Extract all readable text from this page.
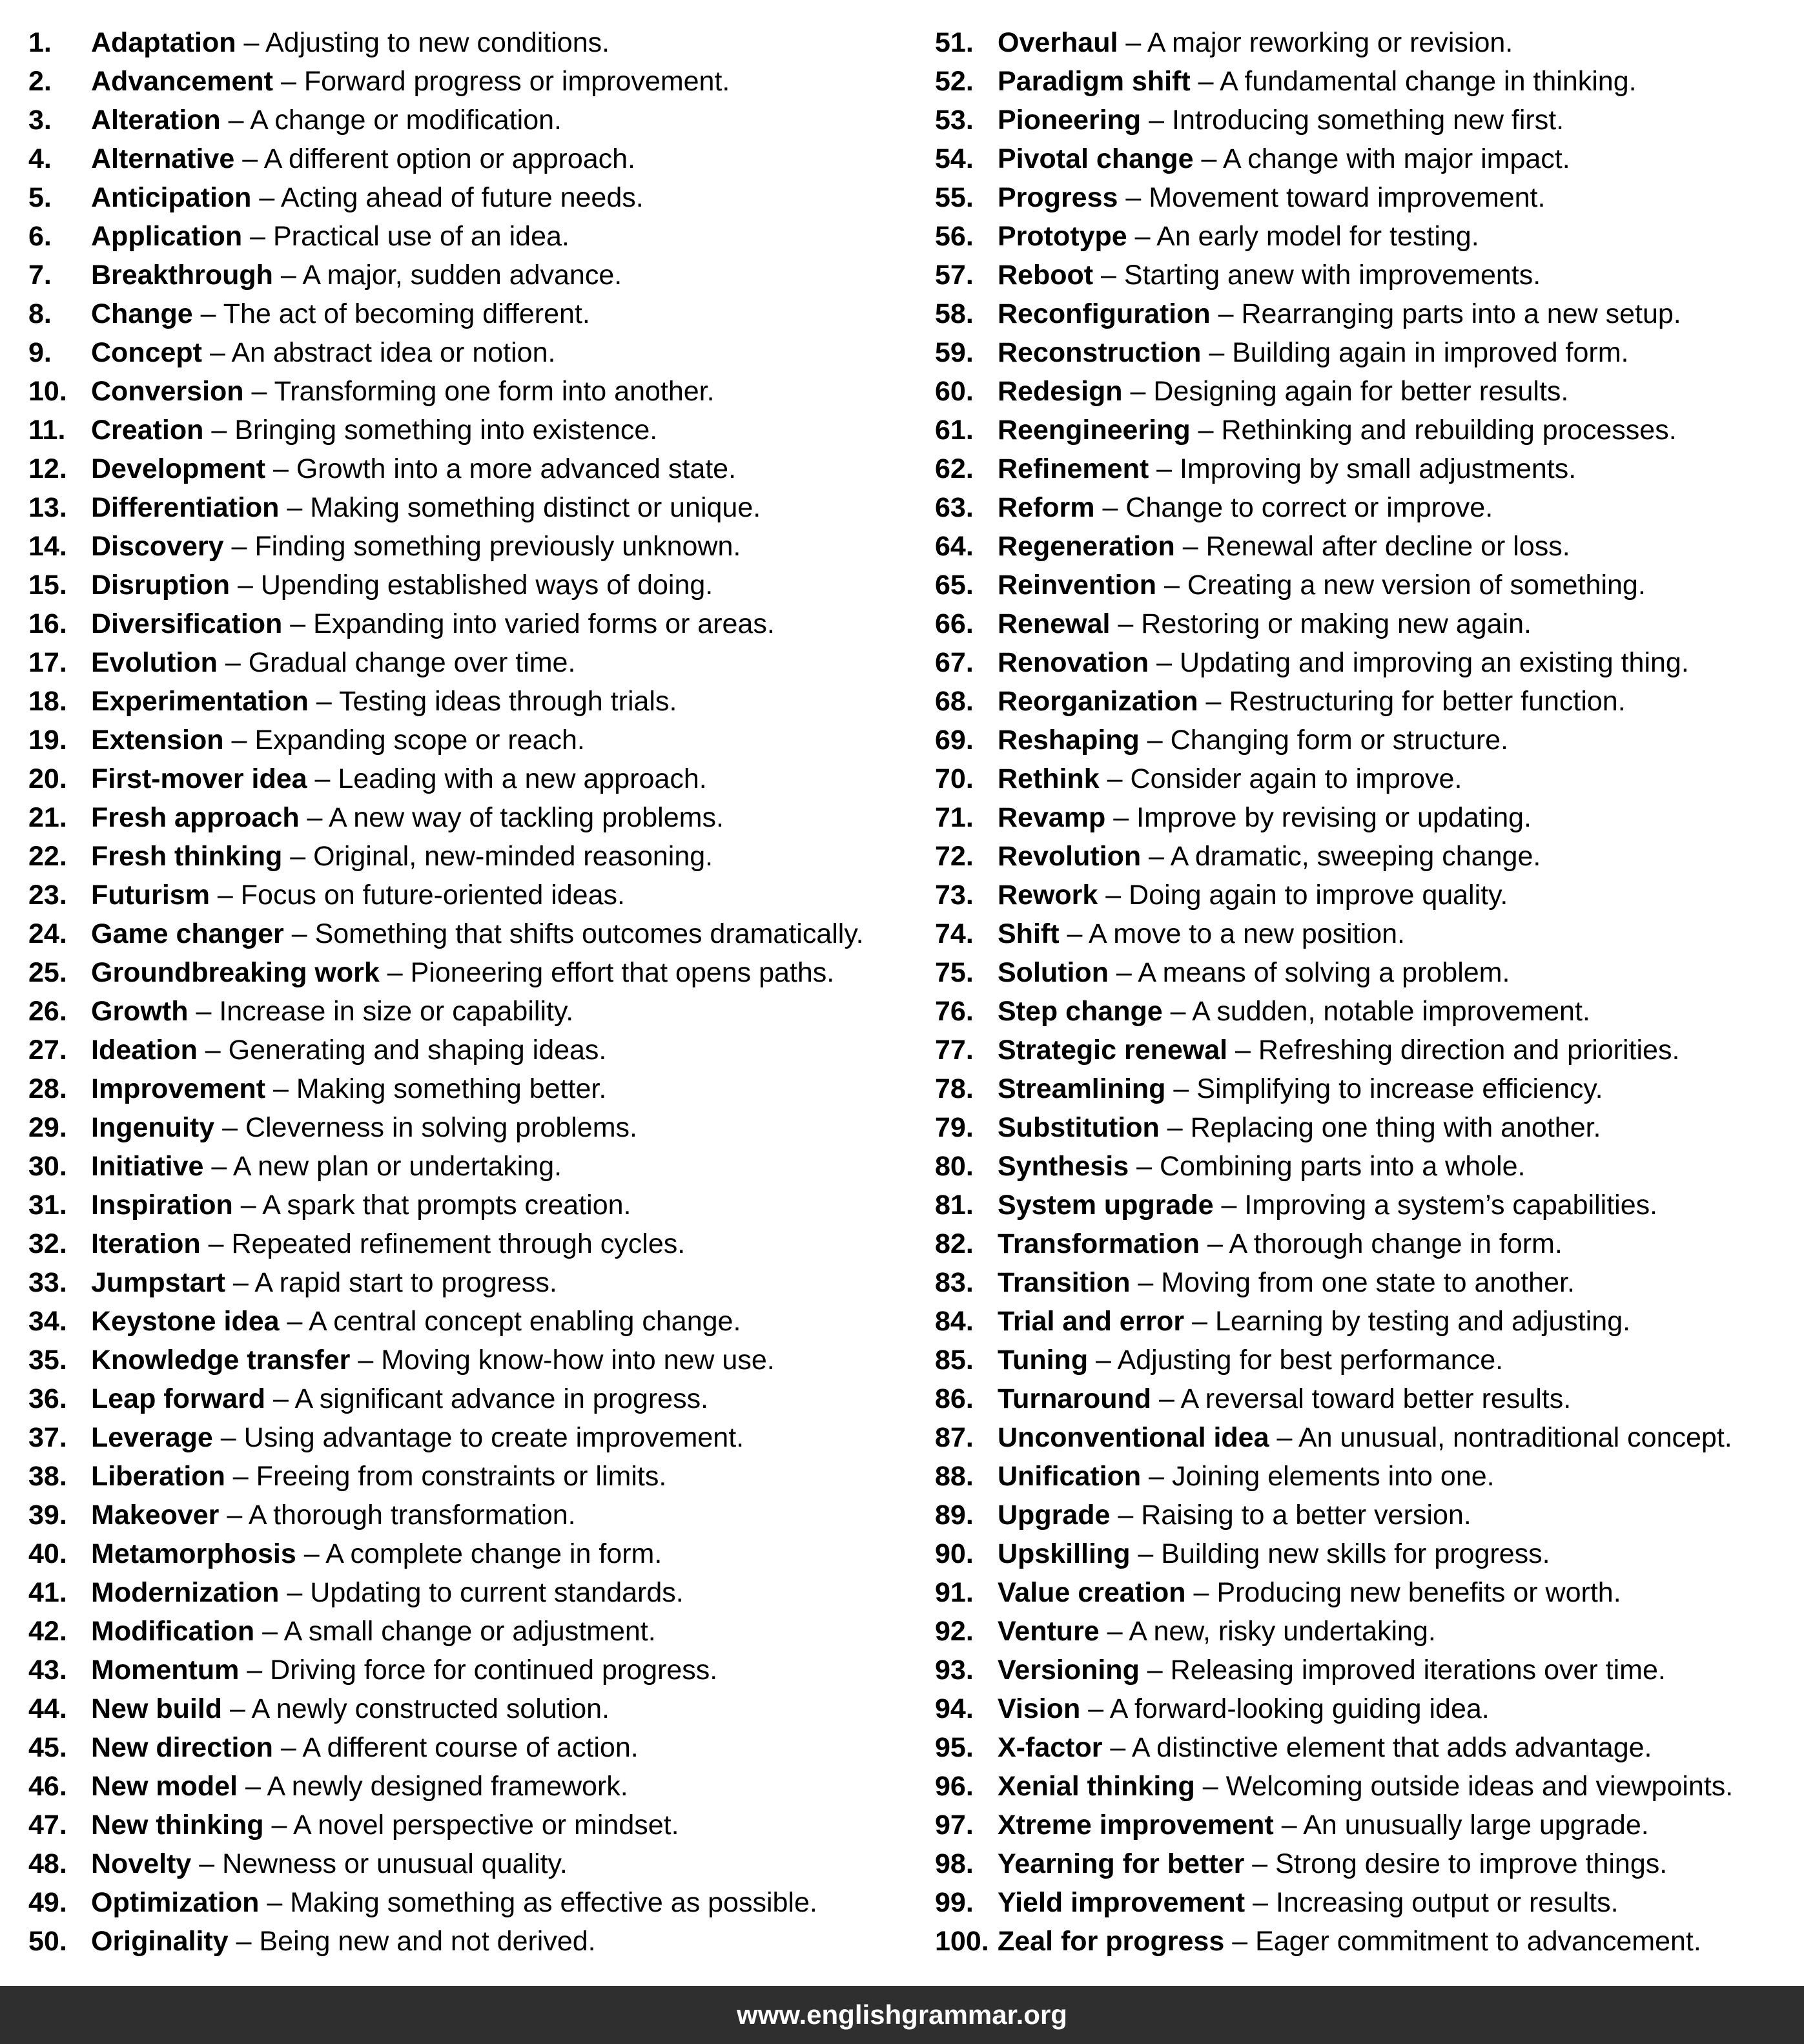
1. Adaptation – Adjusting to new conditions.
2. Advancement – Forward progress or improvement.
3. Alteration – A change or modification.
4. Alternative – A different option or approach.
5. Anticipation – Acting ahead of future needs.
6. Application – Practical use of an idea.
7. Breakthrough – A major, sudden advance.
8. Change – The act of becoming different.
9. Concept – An abstract idea or notion.
10. Conversion – Transforming one form into another.
11. Creation – Bringing something into existence.
12. Development – Growth into a more advanced state.
13. Differentiation – Making something distinct or unique.
14. Discovery – Finding something previously unknown.
15. Disruption – Upending established ways of doing.
16. Diversification – Expanding into varied forms or areas.
17. Evolution – Gradual change over time.
18. Experimentation – Testing ideas through trials.
19. Extension – Expanding scope or reach.
20. First-mover idea – Leading with a new approach.
21. Fresh approach – A new way of tackling problems.
22. Fresh thinking – Original, new-minded reasoning.
23. Futurism – Focus on future-oriented ideas.
24. Game changer – Something that shifts outcomes dramatically.
25. Groundbreaking work – Pioneering effort that opens paths.
26. Growth – Increase in size or capability.
27. Ideation – Generating and shaping ideas.
28. Improvement – Making something better.
29. Ingenuity – Cleverness in solving problems.
30. Initiative – A new plan or undertaking.
31. Inspiration – A spark that prompts creation.
32. Iteration – Repeated refinement through cycles.
33. Jumpstart – A rapid start to progress.
34. Keystone idea – A central concept enabling change.
35. Knowledge transfer – Moving know-how into new use.
36. Leap forward – A significant advance in progress.
37. Leverage – Using advantage to create improvement.
38. Liberation – Freeing from constraints or limits.
39. Makeover – A thorough transformation.
40. Metamorphosis – A complete change in form.
41. Modernization – Updating to current standards.
42. Modification – A small change or adjustment.
43. Momentum – Driving force for continued progress.
44. New build – A newly constructed solution.
45. New direction – A different course of action.
46. New model – A newly designed framework.
47. New thinking – A novel perspective or mindset.
48. Novelty – Newness or unusual quality.
49. Optimization – Making something as effective as possible.
50. Originality – Being new and not derived.
51. Overhaul – A major reworking or revision.
52. Paradigm shift – A fundamental change in thinking.
53. Pioneering – Introducing something new first.
54. Pivotal change – A change with major impact.
55. Progress – Movement toward improvement.
56. Prototype – An early model for testing.
57. Reboot – Starting anew with improvements.
58. Reconfiguration – Rearranging parts into a new setup.
59. Reconstruction – Building again in improved form.
60. Redesign – Designing again for better results.
61. Reengineering – Rethinking and rebuilding processes.
62. Refinement – Improving by small adjustments.
63. Reform – Change to correct or improve.
64. Regeneration – Renewal after decline or loss.
65. Reinvention – Creating a new version of something.
66. Renewal – Restoring or making new again.
67. Renovation – Updating and improving an existing thing.
68. Reorganization – Restructuring for better function.
69. Reshaping – Changing form or structure.
70. Rethink – Consider again to improve.
71. Revamp – Improve by revising or updating.
72. Revolution – A dramatic, sweeping change.
73. Rework – Doing again to improve quality.
74. Shift – A move to a new position.
75. Solution – A means of solving a problem.
76. Step change – A sudden, notable improvement.
77. Strategic renewal – Refreshing direction and priorities.
78. Streamlining – Simplifying to increase efficiency.
79. Substitution – Replacing one thing with another.
80. Synthesis – Combining parts into a whole.
81. System upgrade – Improving a system’s capabilities.
82. Transformation – A thorough change in form.
83. Transition – Moving from one state to another.
84. Trial and error – Learning by testing and adjusting.
85. Tuning – Adjusting for best performance.
86. Turnaround – A reversal toward better results.
87. Unconventional idea – An unusual, nontraditional concept.
88. Unification – Joining elements into one.
89. Upgrade – Raising to a better version.
90. Upskilling – Building new skills for progress.
91. Value creation – Producing new benefits or worth.
92. Venture – A new, risky undertaking.
93. Versioning – Releasing improved iterations over time.
94. Vision – A forward-looking guiding idea.
95. X-factor – A distinctive element that adds advantage.
96. Xenial thinking – Welcoming outside ideas and viewpoints.
97. Xtreme improvement – An unusually large upgrade.
98. Yearning for better – Strong desire to improve things.
99. Yield improvement – Increasing output or results.
100. Zeal for progress – Eager commitment to advancement.
www.englishgrammar.org
